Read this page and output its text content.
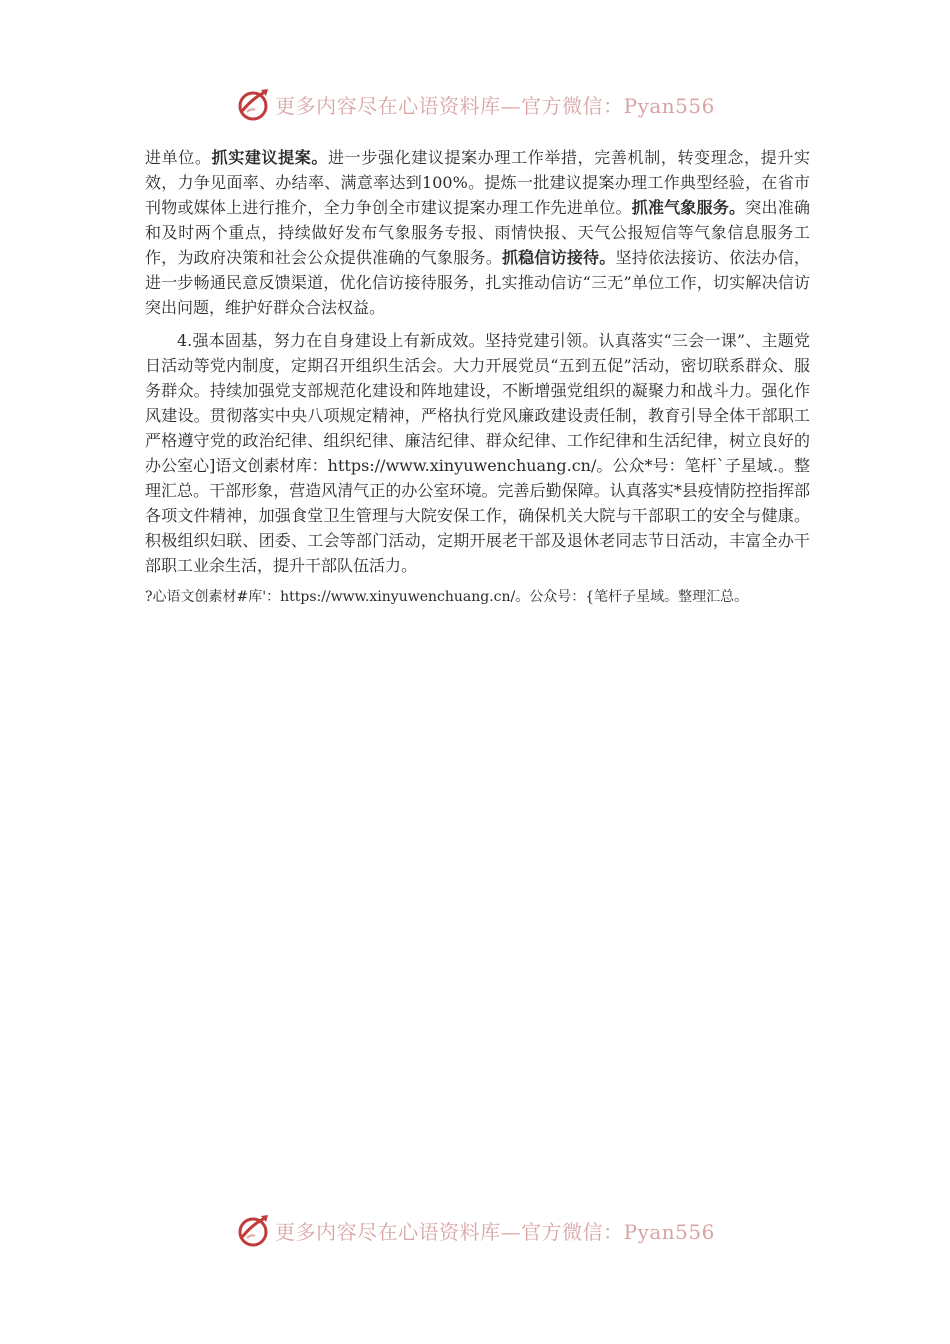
更多内容尽在心语资料库—官方微信：Pyan556

进单位。抓实建议提案。进一步强化建议提案办理工作举措，完善机制，转变理念，提升实效，力争见面率、办结率、满意率达到100%。提炼一批建议提案办理工作典型经验，在省市刊物或媒体上进行推介，全力争创全市建议提案办理工作先进单位。抓准气象服务。突出准确和及时两个重点，持续做好发布气象服务专报、雨情快报、天气公报短信等气象信息服务工作，为政府决策和社会公众提供准确的气象服务。抓稳信访接待。坚持依法接访、依法办信，进一步畅通民意反馈渠道，优化信访接待服务，扎实推动信访“三无”单位工作，切实解决信访突出问题，维护好群众合法权益。

4.强本固基，努力在自身建设上有新成效。坚持党建引领。认真落实“三会一课”、主题党日活动等党内制度，定期召开组织生活会。大力开展党员“五到五促”活动，密切联系群众、服务群众。持续加强党支部规范化建设和阵地建设，不断增强党组织的凝聚力和战斗力。强化作风建设。贯彻落实中央八项规定精神，严格执行党风廉政建设责任制，教育引导全体干部职工严格遵守党的政治纪律、组织纪律、廉洁纪律、群众纪律、工作纪律和生活纪律，树立良好的办公室心]语文创素材库：https://www.xinyuwenchuang.cn/。公众*号：笔杆`子星域.。整理汇总。干部形象，营造风清气正的办公室环境。完善后勤保障。认真落实*县疫情防控指挥部各项文件精神，加强食堂卫生管理与大院安保工作，确保机关大院与干部职工的安全与健康。积极组织妇联、团委、工会等部门活动，定期开展老干部及退休老同志节日活动，丰富全办干部职工业余生活，提升干部队伍活力。

?心语文创素材#库'：https://www.xinyuwenchuang.cn/。公众号：{笔杆子星域。整理汇总。
更多内容尽在心语资料库—官方微信：Pyan556
